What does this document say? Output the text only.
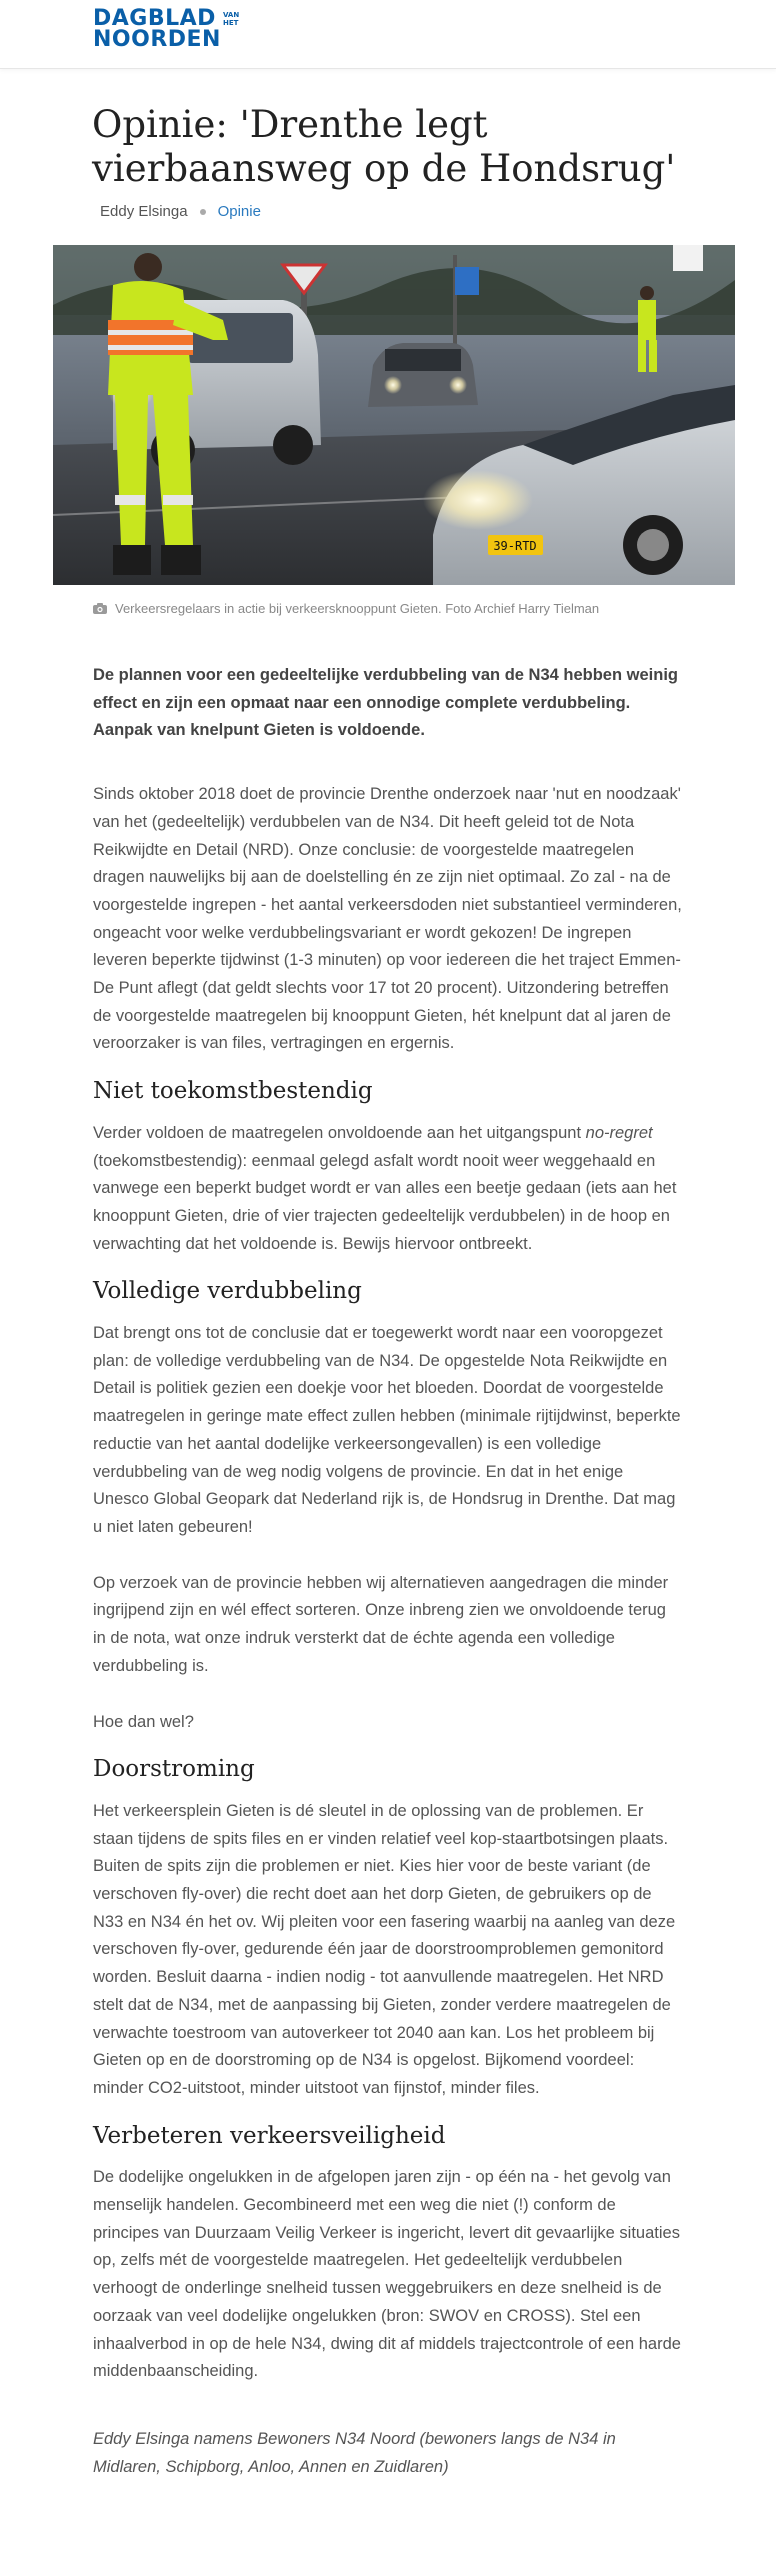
DAGBLAD
NOORDEN
VAN
HET
Opinie: 'Drenthe legt vierbaansweg op de Hondsrug'
Eddy Elsinga Opinie
39-RTD
Verkeersregelaars in actie bij verkeersknooppunt Gieten. Foto Archief Harry Tielman

De plannen voor een gedeeltelijke verdubbeling van de N34 hebben weinig effect en zijn een opmaat naar een onnodige complete verdubbeling. Aanpak van knelpunt Gieten is voldoende.

Sinds oktober 2018 doet de provincie Drenthe onderzoek naar 'nut en noodzaak' van het (gedeeltelijk) verdubbelen van de N34. Dit heeft geleid tot de Nota Reikwijdte en Detail (NRD). Onze conclusie: de voorgestelde maatregelen dragen nauwelijks bij aan de doelstelling én ze zijn niet optimaal. Zo zal - na de voorgestelde ingrepen - het aantal verkeersdoden niet substantieel verminderen, ongeacht voor welke verdubbelingsvariant er wordt gekozen! De ingrepen leveren beperkte tijdwinst (1-3 minuten) op voor iedereen die het traject Emmen-De Punt aflegt (dat geldt slechts voor 17 tot 20 procent). Uitzondering betreffen de voorgestelde maatregelen bij knooppunt Gieten, hét knelpunt dat al jaren de veroorzaker is van files, vertragingen en ergernis.

Niet toekomstbestendig

Verder voldoen de maatregelen onvoldoende aan het uitgangspunt no-regret (toekomstbestendig): eenmaal gelegd asfalt wordt nooit weer weggehaald en vanwege een beperkt budget wordt er van alles een beetje gedaan (iets aan het knooppunt Gieten, drie of vier trajecten gedeeltelijk verdubbelen) in de hoop en verwachting dat het voldoende is. Bewijs hiervoor ontbreekt.

Volledige verdubbeling

Dat brengt ons tot de conclusie dat er toegewerkt wordt naar een vooropgezet plan: de volledige verdubbeling van de N34. De opgestelde Nota Reikwijdte en Detail is politiek gezien een doekje voor het bloeden. Doordat de voorgestelde maatregelen in geringe mate effect zullen hebben (minimale rijtijdwinst, beperkte reductie van het aantal dodelijke verkeersongevallen) is een volledige verdubbeling van de weg nodig volgens de provincie. En dat in het enige Unesco Global Geopark dat Nederland rijk is, de Hondsrug in Drenthe. Dat mag u niet laten gebeuren!

Op verzoek van de provincie hebben wij alternatieven aangedragen die minder ingrijpend zijn en wél effect sorteren. Onze inbreng zien we onvoldoende terug in de nota, wat onze indruk versterkt dat de échte agenda een volledige verdubbeling is.

Hoe dan wel?

Doorstroming

Het verkeersplein Gieten is dé sleutel in de oplossing van de problemen. Er staan tijdens de spits files en er vinden relatief veel kop-staartbotsingen plaats. Buiten de spits zijn die problemen er niet. Kies hier voor de beste variant (de verschoven fly-over) die recht doet aan het dorp Gieten, de gebruikers op de N33 en N34 én het ov. Wij pleiten voor een fasering waarbij na aanleg van deze verschoven fly-over, gedurende één jaar de doorstroomproblemen gemonitord worden. Besluit daarna - indien nodig - tot aanvullende maatregelen. Het NRD stelt dat de N34, met de aanpassing bij Gieten, zonder verdere maatregelen de verwachte toestroom van autoverkeer tot 2040 aan kan. Los het probleem bij Gieten op en de doorstroming op de N34 is opgelost. Bijkomend voordeel: minder CO2-uitstoot, minder uitstoot van fijnstof, minder files.

Verbeteren verkeersveiligheid

De dodelijke ongelukken in de afgelopen jaren zijn - op één na - het gevolg van menselijk handelen. Gecombineerd met een weg die niet (!) conform de principes van Duurzaam Veilig Verkeer is ingericht, levert dit gevaarlijke situaties op, zelfs mét de voorgestelde maatregelen. Het gedeeltelijk verdubbelen verhoogt de onderlinge snelheid tussen weggebruikers en deze snelheid is de oorzaak van veel dodelijke ongelukken (bron: SWOV en CROSS). Stel een inhaalverbod in op de hele N34, dwing dit af middels trajectcontrole of een harde middenbaanscheiding.

Eddy Elsinga namens Bewoners N34 Noord (bewoners langs de N34 in Midlaren, Schipborg, Anloo, Annen en Zuidlaren)
